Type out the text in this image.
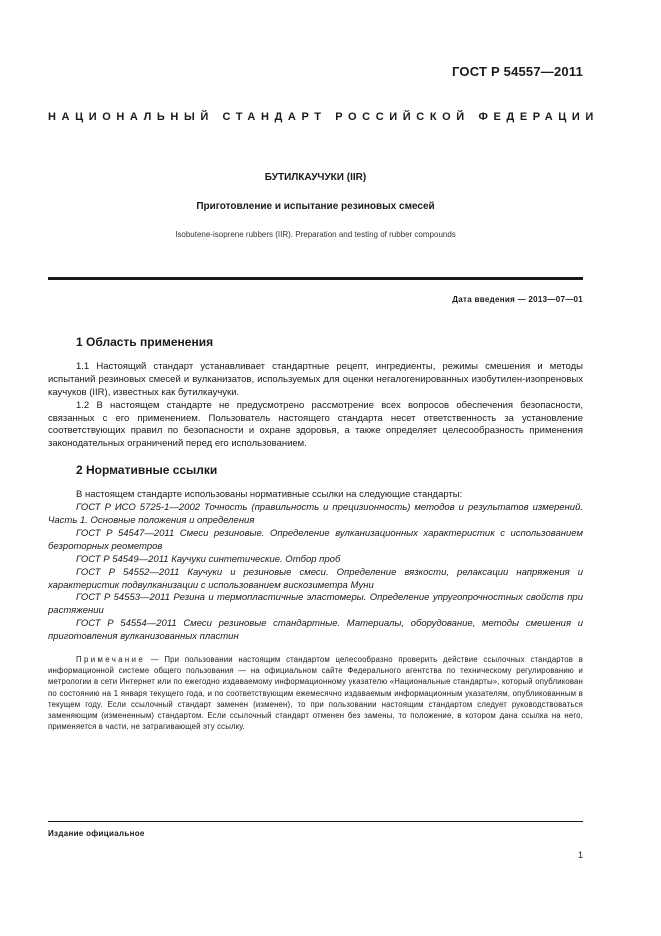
ГОСТ Р 54557—2011
НАЦИОНАЛЬНЫЙ СТАНДАРТ РОССИЙСКОЙ ФЕДЕРАЦИИ
БУТИЛКАУЧУКИ (IIR)
Приготовление и испытание резиновых смесей
Isobutene-isoprene rubbers (IIR). Preparation and testing of rubber compounds
Дата введения — 2013—07—01
1 Область применения

1.1 Настоящий стандарт устанавливает стандартные рецепт, ингредиенты, режимы смешения и методы испытаний резиновых смесей и вулканизатов, используемых для оценки негалогенированных изобутилен-изопреновых каучуков (IIR), известных как бутилкаучуки.

1.2 В настоящем стандарте не предусмотрено рассмотрение всех вопросов обеспечения безопасности, связанных с его применением. Пользователь настоящего стандарта несет ответственность за установление соответствующих правил по безопасности и охране здоровья, а также определяет целесообразность применения законодательных ограничений перед его использованием.

2 Нормативные ссылки

В настоящем стандарте использованы нормативные ссылки на следующие стандарты:

ГОСТ Р ИСО 5725-1—2002 Точность (правильность и прецизионность) методов и результатов измерений. Часть 1. Основные положения и определения

ГОСТ Р 54547—2011 Смеси резиновые. Определение вулканизационных характеристик с использованием безроторных реометров

ГОСТ Р 54549—2011 Каучуки синтетические. Отбор проб

ГОСТ Р 54552—2011 Каучуки и резиновые смеси. Определение вязкости, релаксации напряжения и характеристик подвулканизации с использованием вискозиметра Муни

ГОСТ Р 54553—2011 Резина и термопластичные эластомеры. Определение упругопрочностных свойств при растяжении

ГОСТ Р 54554—2011 Смеси резиновые стандартные. Материалы, оборудование, методы смешения и приготовления вулканизованных пластин

Примечание — При пользовании настоящим стандартом целесообразно проверить действие ссылочных стандартов в информационной системе общего пользования — на официальном сайте Федерального агентства по техническому регулированию и метрологии в сети Интернет или по ежегодно издаваемому информационному указателю «Национальные стандарты», который опубликован по состоянию на 1 января текущего года, и по соответствующим ежемесячно издаваемым информационным указателям, опубликованным в текущем году. Если ссылочный стандарт заменен (изменен), то при пользовании настоящим стандартом следует руководствоваться заменяющим (измененным) стандартом. Если ссылочный стандарт отменен без замены, то положение, в котором дана ссылка на него, применяется в части, не затрагивающей эту ссылку.

Издание официальное
1
